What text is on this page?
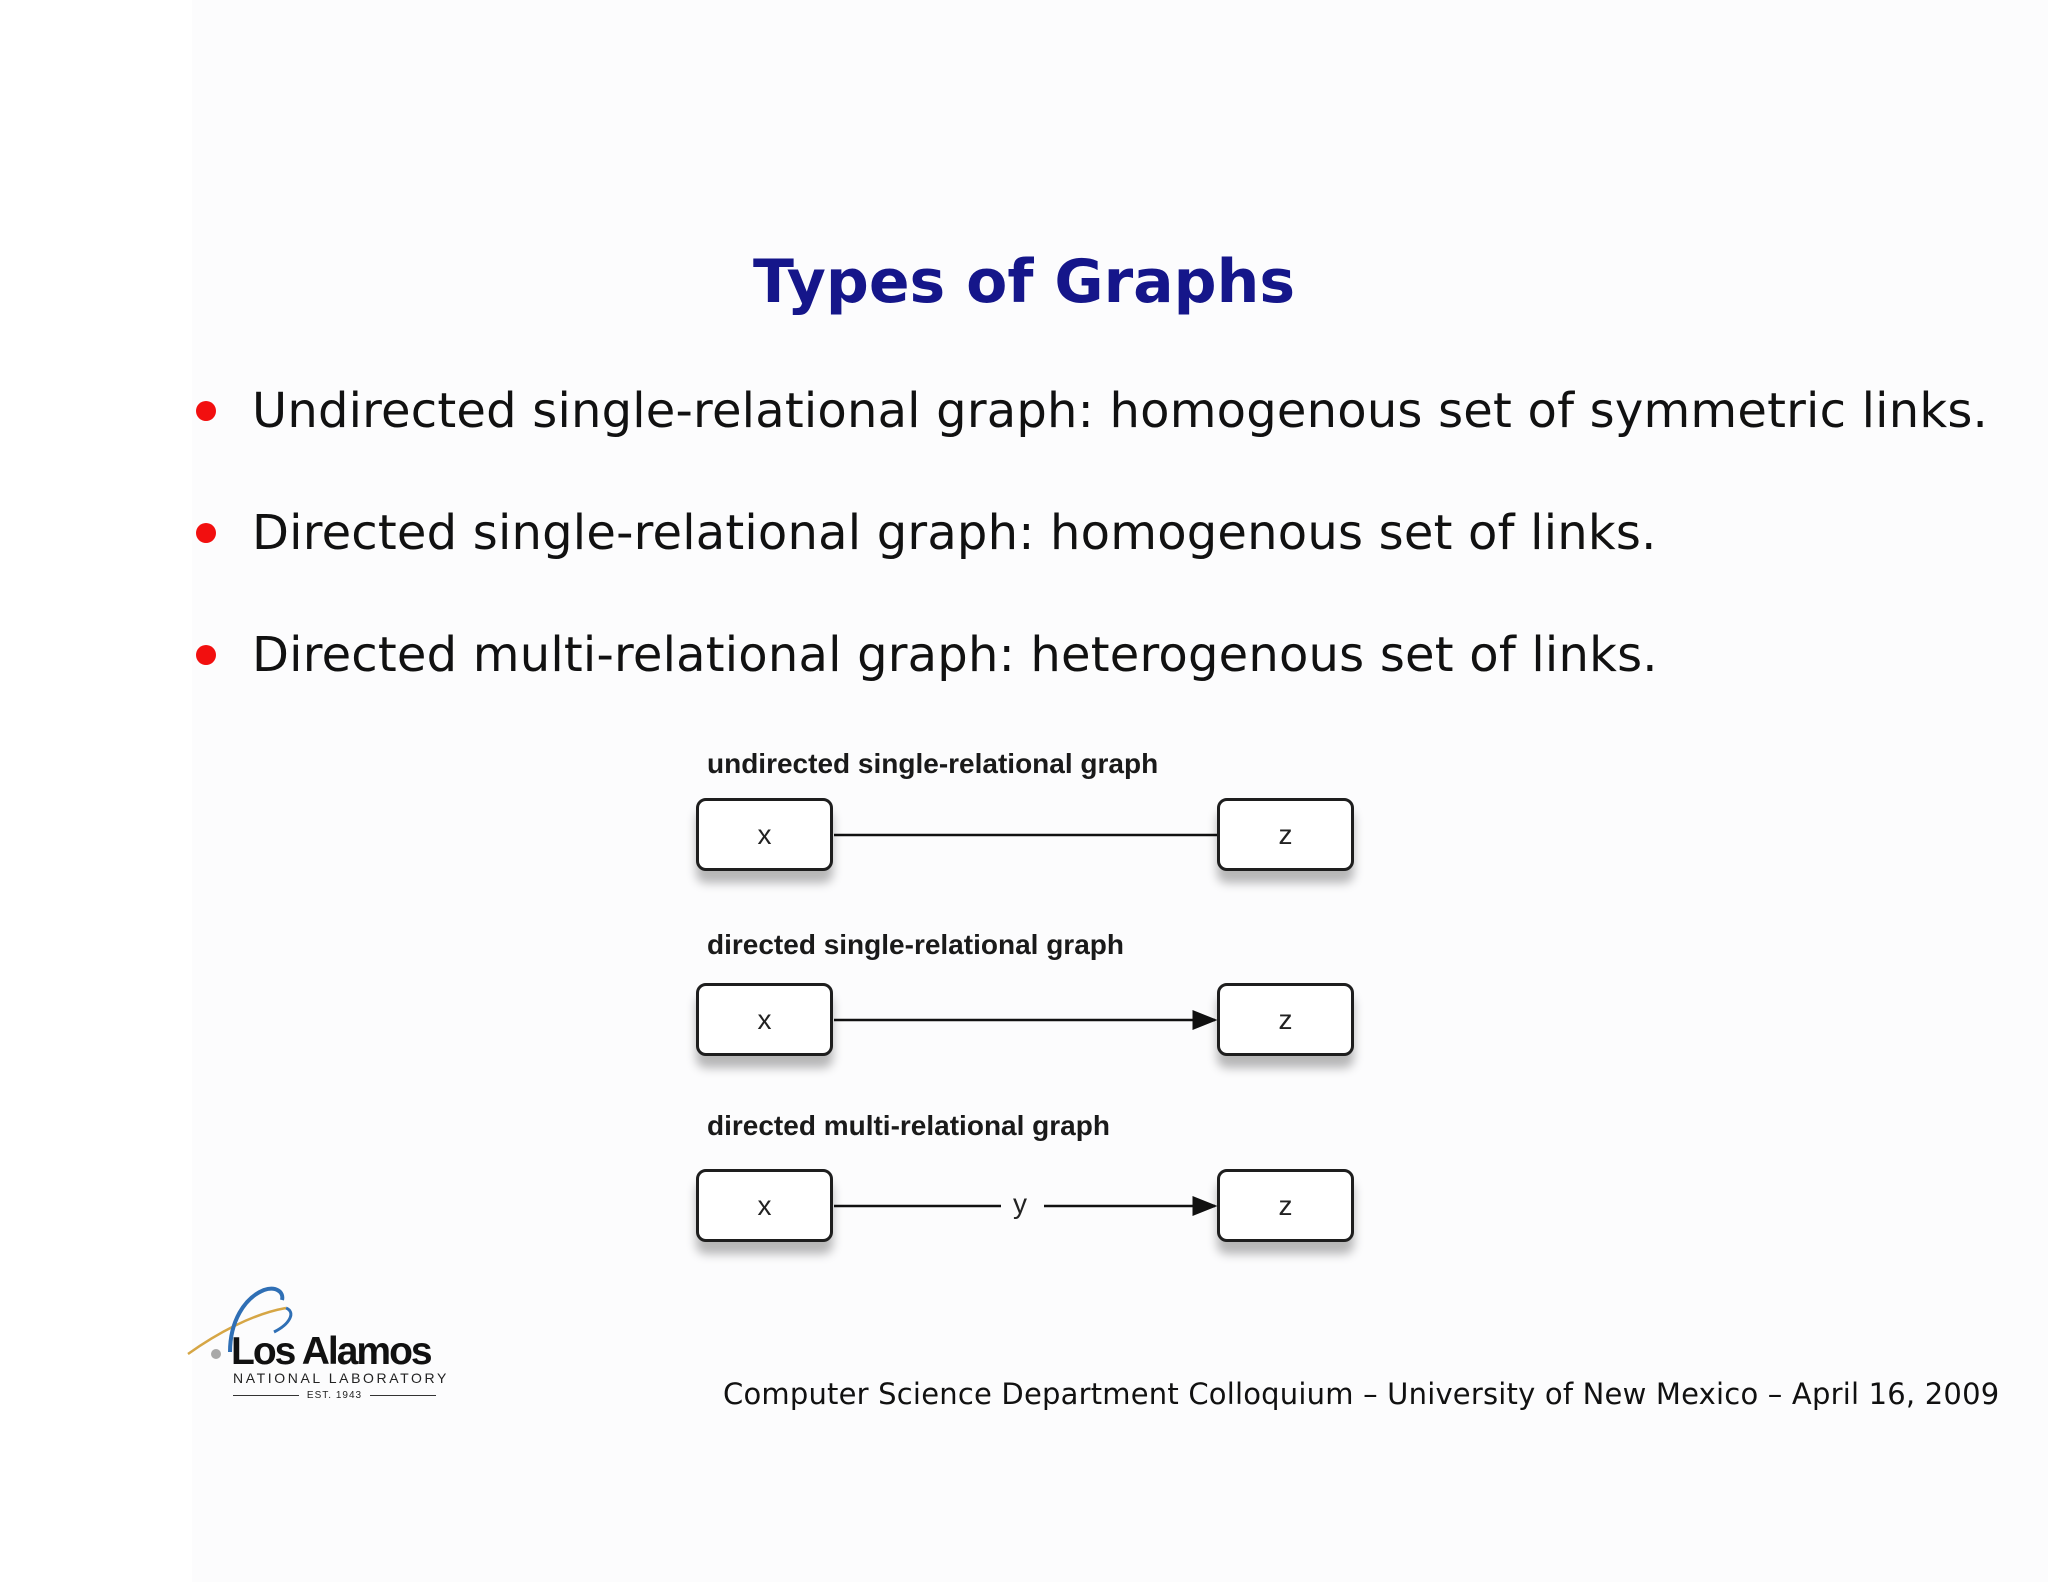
Types of Graphs
Undirected single-relational graph: homogenous set of symmetric links.
Directed single-relational graph: homogenous set of links.
Directed multi-relational graph: heterogenous set of links.
undirected single-relational graph
x	z
directed single-relational graph
x	z
directed multi-relational graph
x	z
y
Los Alamos
NATIONAL LABORATORY
EST. 1943	Computer Science Department Colloquium – University of New Mexico – April 16, 2009
